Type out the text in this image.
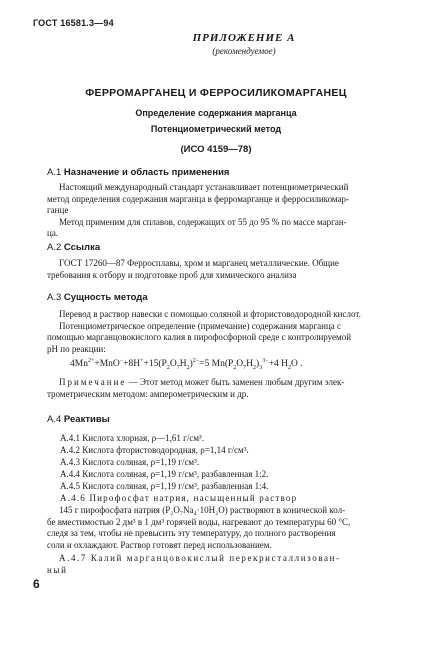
ГОСТ 16581.3—94
ПРИЛОЖЕНИЕ А
(рекомендуемое)
ФЕРРОМАРГАНЕЦ И ФЕРРОСИЛИКОМАРГАНЕЦ
Определение содержания марганца
Потенциометрический метод
(ИСО 4159—78)
А.1 Назначение и область применения
Настоящий международный стандарт устанавливает потенциометрический
метод определения содержания марганца в ферромарганце и ферросиликомар-
ганце
Метод применим для сплавов, содержащих от 55 до 95 % по массе марган-
ца.
А.2 Ссылка
ГОСТ 17260—87 Ферросплавы, хром и марганец металлические. Общие
требования к отбору и подготовке проб для химического анализа
А.3 Сущность метода
Перевод в раствор навески с помощью соляной и фтористоводородной кислот.
Потенциометрическое определение (примечание) содержания марганца с
помощью марганцовокислого калия в пирофосфорной среде с контролируемой
pH по реакции:
$4Mn^{2+}+MnO^-+8H^++15(P_2O_7H_2)^{2-}=5$ $Mn(P_2O_7H_2)_3^{3-}+4$ $H_2O$ .
Примечание — Этот метод может быть заменен любым другим элек-
трометрическим методом: амперометрическим и др.
А.4 Реактивы
А.4.1 Кислота хлорная, ρ—1,61 г/см³.
А.4.2 Кислота фтористоводородная, ρ=1,14 г/см³.
А.4.3 Кислота соляная, ρ=1,19 г/см³.
А.4.4 Кислота соляная, ρ=1,19 г/см³, разбавленная 1:2.
А.4.5 Кислота соляная, ρ=1,19 г/см³, разбавленная 1:4.
А.4.6 Пирофосфат натрия, насыщенный раствор
145 г пирофосфата натрия (P₂O₇Na₄·10H₂O) растворяют в конической кол-
бе вместимостью 2 дм³ в 1 дм³ горячей воды, нагревают до температуры 60 °С,
следя за тем, чтобы не превысить эту температуру, до полного растворения
соли и охлаждают. Раствор готовят перед использованием.
А.4.7 Калий марганцовокислый перекристаллизован-
ный
6
